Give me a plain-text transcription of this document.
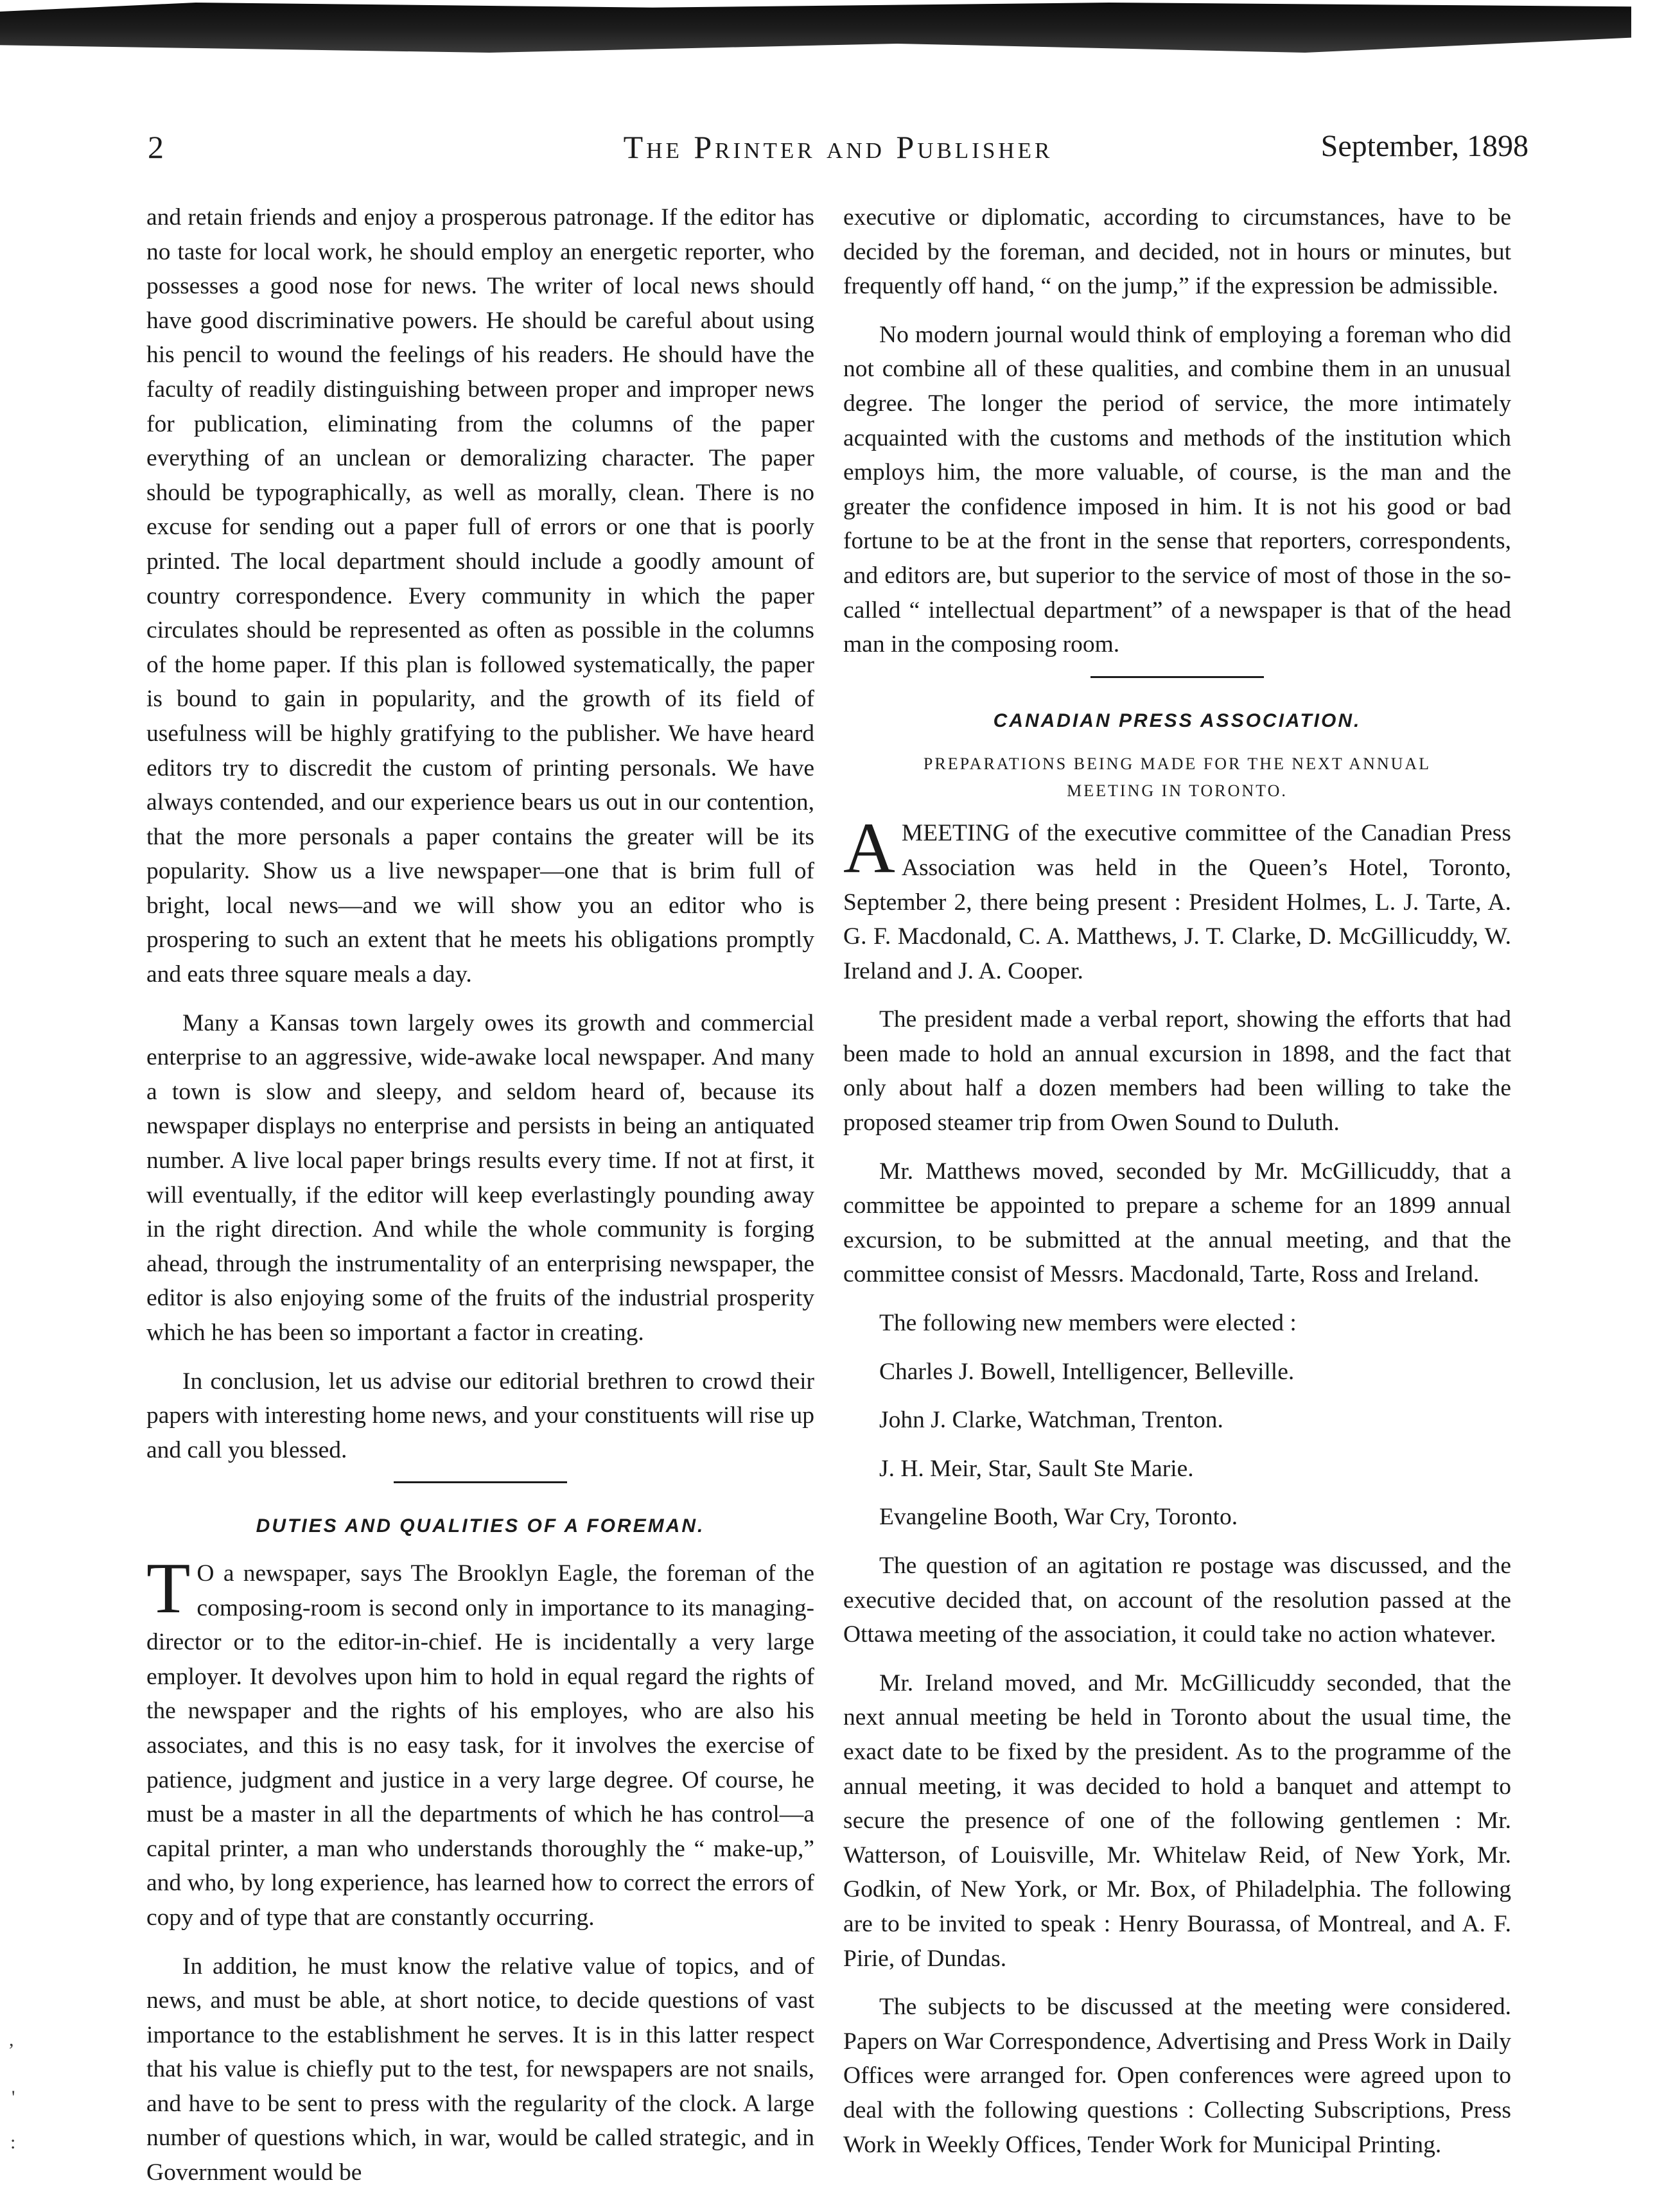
2	The Printer and Publisher	September, 1898

and retain friends and enjoy a prosperous patronage. If the editor has no taste for local work, he should employ an energetic reporter, who possesses a good nose for news. The writer of local news should have good discriminative powers. He should be careful about using his pencil to wound the feelings of his readers. He should have the faculty of readily distinguishing between proper and improper news for publication, eliminating from the columns of the paper everything of an unclean or demoralizing character. The paper should be typographically, as well as morally, clean. There is no excuse for sending out a paper full of errors or one that is poorly printed. The local department should include a goodly amount of country correspondence. Every community in which the paper circulates should be represented as often as possible in the columns of the home paper. If this plan is followed systematically, the paper is bound to gain in popularity, and the growth of its field of usefulness will be highly gratifying to the publisher. We have heard editors try to discredit the custom of printing personals. We have always contended, and our experience bears us out in our contention, that the more personals a paper contains the greater will be its popularity. Show us a live newspaper—one that is brim full of bright, local news—and we will show you an editor who is prospering to such an extent that he meets his obligations promptly and eats three square meals a day.

Many a Kansas town largely owes its growth and commercial enterprise to an aggressive, wide-awake local newspaper. And many a town is slow and sleepy, and seldom heard of, because its newspaper displays no enterprise and persists in being an antiquated number. A live local paper brings results every time. If not at first, it will eventually, if the editor will keep everlastingly pounding away in the right direction. And while the whole community is forging ahead, through the instrumentality of an enterprising newspaper, the editor is also enjoying some of the fruits of the industrial prosperity which he has been so important a factor in creating.

In conclusion, let us advise our editorial brethren to crowd their papers with interesting home news, and your constituents will rise up and call you blessed.

DUTIES AND QUALITIES OF A FOREMAN.

T O a newspaper, says The Brooklyn Eagle, the foreman of the composing-room is second only in importance to its managing-director or to the editor-in-chief. He is incidentally a very large employer. It devolves upon him to hold in equal regard the rights of the newspaper and the rights of his employes, who are also his associates, and this is no easy task, for it involves the exercise of patience, judgment and justice in a very large degree. Of course, he must be a master in all the departments of which he has control—a capital printer, a man who understands thoroughly the “ make-up,” and who, by long experience, has learned how to correct the errors of copy and of type that are constantly occurring.

In addition, he must know the relative value of topics, and of news, and must be able, at short notice, to decide questions of vast importance to the establishment he serves. It is in this latter respect that his value is chiefly put to the test, for newspapers are not snails, and have to be sent to press with the regularity of the clock. A large number of questions which, in war, would be called strategic, and in Government would be

executive or diplomatic, according to circumstances, have to be decided by the foreman, and decided, not in hours or minutes, but frequently off hand, “ on the jump,” if the expression be admissible.

No modern journal would think of employing a foreman who did not combine all of these qualities, and combine them in an unusual degree. The longer the period of service, the more intimately acquainted with the customs and methods of the institution which employs him, the more valuable, of course, is the man and the greater the confidence imposed in him. It is not his good or bad fortune to be at the front in the sense that reporters, correspondents, and editors are, but superior to the service of most of those in the so-called “ intellectual department” of a newspaper is that of the head man in the composing room.

CANADIAN PRESS ASSOCIATION.
PREPARATIONS BEING MADE FOR THE NEXT ANNUAL
MEETING IN TORONTO.

AMEETING of the executive committee of the Canadian Press Association was held in the Queen’s Hotel, Toronto, September 2, there being present : President Holmes, L. J. Tarte, A. G. F. Macdonald, C. A. Matthews, J. T. Clarke, D. McGillicuddy, W. Ireland and J. A. Cooper.

The president made a verbal report, showing the efforts that had been made to hold an annual excursion in 1898, and the fact that only about half a dozen members had been willing to take the proposed steamer trip from Owen Sound to Duluth.

Mr. Matthews moved, seconded by Mr. McGillicuddy, that a committee be appointed to prepare a scheme for an 1899 annual excursion, to be submitted at the annual meeting, and that the committee consist of Messrs. Macdonald, Tarte, Ross and Ireland.

The following new members were elected :

Charles J. Bowell, Intelligencer, Belleville.

John J. Clarke, Watchman, Trenton.

J. H. Meir, Star, Sault Ste Marie.

Evangeline Booth, War Cry, Toronto.

The question of an agitation re postage was discussed, and the executive decided that, on account of the resolution passed at the Ottawa meeting of the association, it could take no action whatever.

Mr. Ireland moved, and Mr. McGillicuddy seconded, that the next annual meeting be held in Toronto about the usual time, the exact date to be fixed by the president. As to the programme of the annual meeting, it was decided to hold a banquet and attempt to secure the presence of one of the following gentlemen : Mr. Watterson, of Louisville, Mr. Whitelaw Reid, of New York, Mr. Godkin, of New York, or Mr. Box, of Philadelphia. The following are to be invited to speak : Henry Bourassa, of Montreal, and A. F. Pirie, of Dundas.

The subjects to be discussed at the meeting were considered. Papers on War Correspondence, Advertising and Press Work in Daily Offices were arranged for. Open conferences were agreed upon to deal with the following questions : Collecting Subscriptions, Press Work in Weekly Offices, Tender Work for Municipal Printing.

,
'
:
